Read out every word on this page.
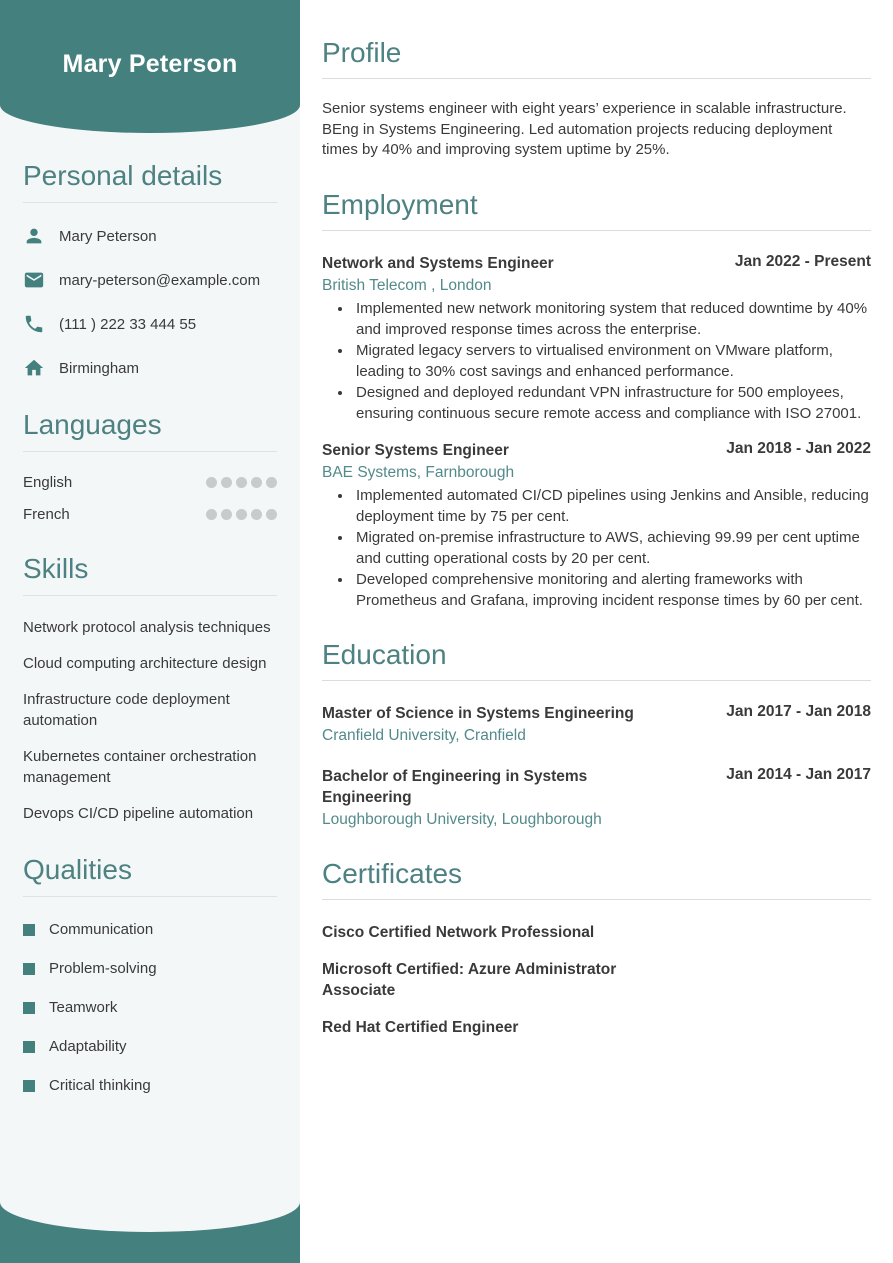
Mary Peterson
Personal details
Mary Peterson
mary-peterson@example.com
(111 ) 222 33 444 55
Birmingham
Languages
English
French
Skills
Network protocol analysis techniques
Cloud computing architecture design
Infrastructure code deployment automation
Kubernetes container orchestration management
Devops CI/CD pipeline automation
Qualities
Communication
Problem-solving
Teamwork
Adaptability
Critical thinking
Profile

Senior systems engineer with eight years’ experience in scalable infrastructure. BEng in Systems Engineering. Led automation projects reducing deployment times by 40% and improving system uptime by 25%.

Employment
Network and Systems Engineer	Jan 2022 - Present
British Telecom , London
• Implemented new network monitoring system that reduced downtime by 40% and improved response times across the enterprise.
• Migrated legacy servers to virtualised environment on VMware platform, leading to 30% cost savings and enhanced performance.
• Designed and deployed redundant VPN infrastructure for 500 employees, ensuring continuous secure remote access and compliance with ISO 27001.
Senior Systems Engineer	Jan 2018 - Jan 2022
BAE Systems, Farnborough
• Implemented automated CI/CD pipelines using Jenkins and Ansible, reducing deployment time by 75 per cent.
• Migrated on-premise infrastructure to AWS, achieving 99.99 per cent uptime and cutting operational costs by 20 per cent.
• Developed comprehensive monitoring and alerting frameworks with Prometheus and Grafana, improving incident response times by 60 per cent.
Education
Master of Science in Systems Engineering	Jan 2017 - Jan 2018
Cranfield University, Cranfield
Bachelor of Engineering in Systems Engineering
Jan 2014 - Jan 2017
Loughborough University, Loughborough
Certificates
Cisco Certified Network Professional
Microsoft Certified: Azure Administrator Associate
Red Hat Certified Engineer
